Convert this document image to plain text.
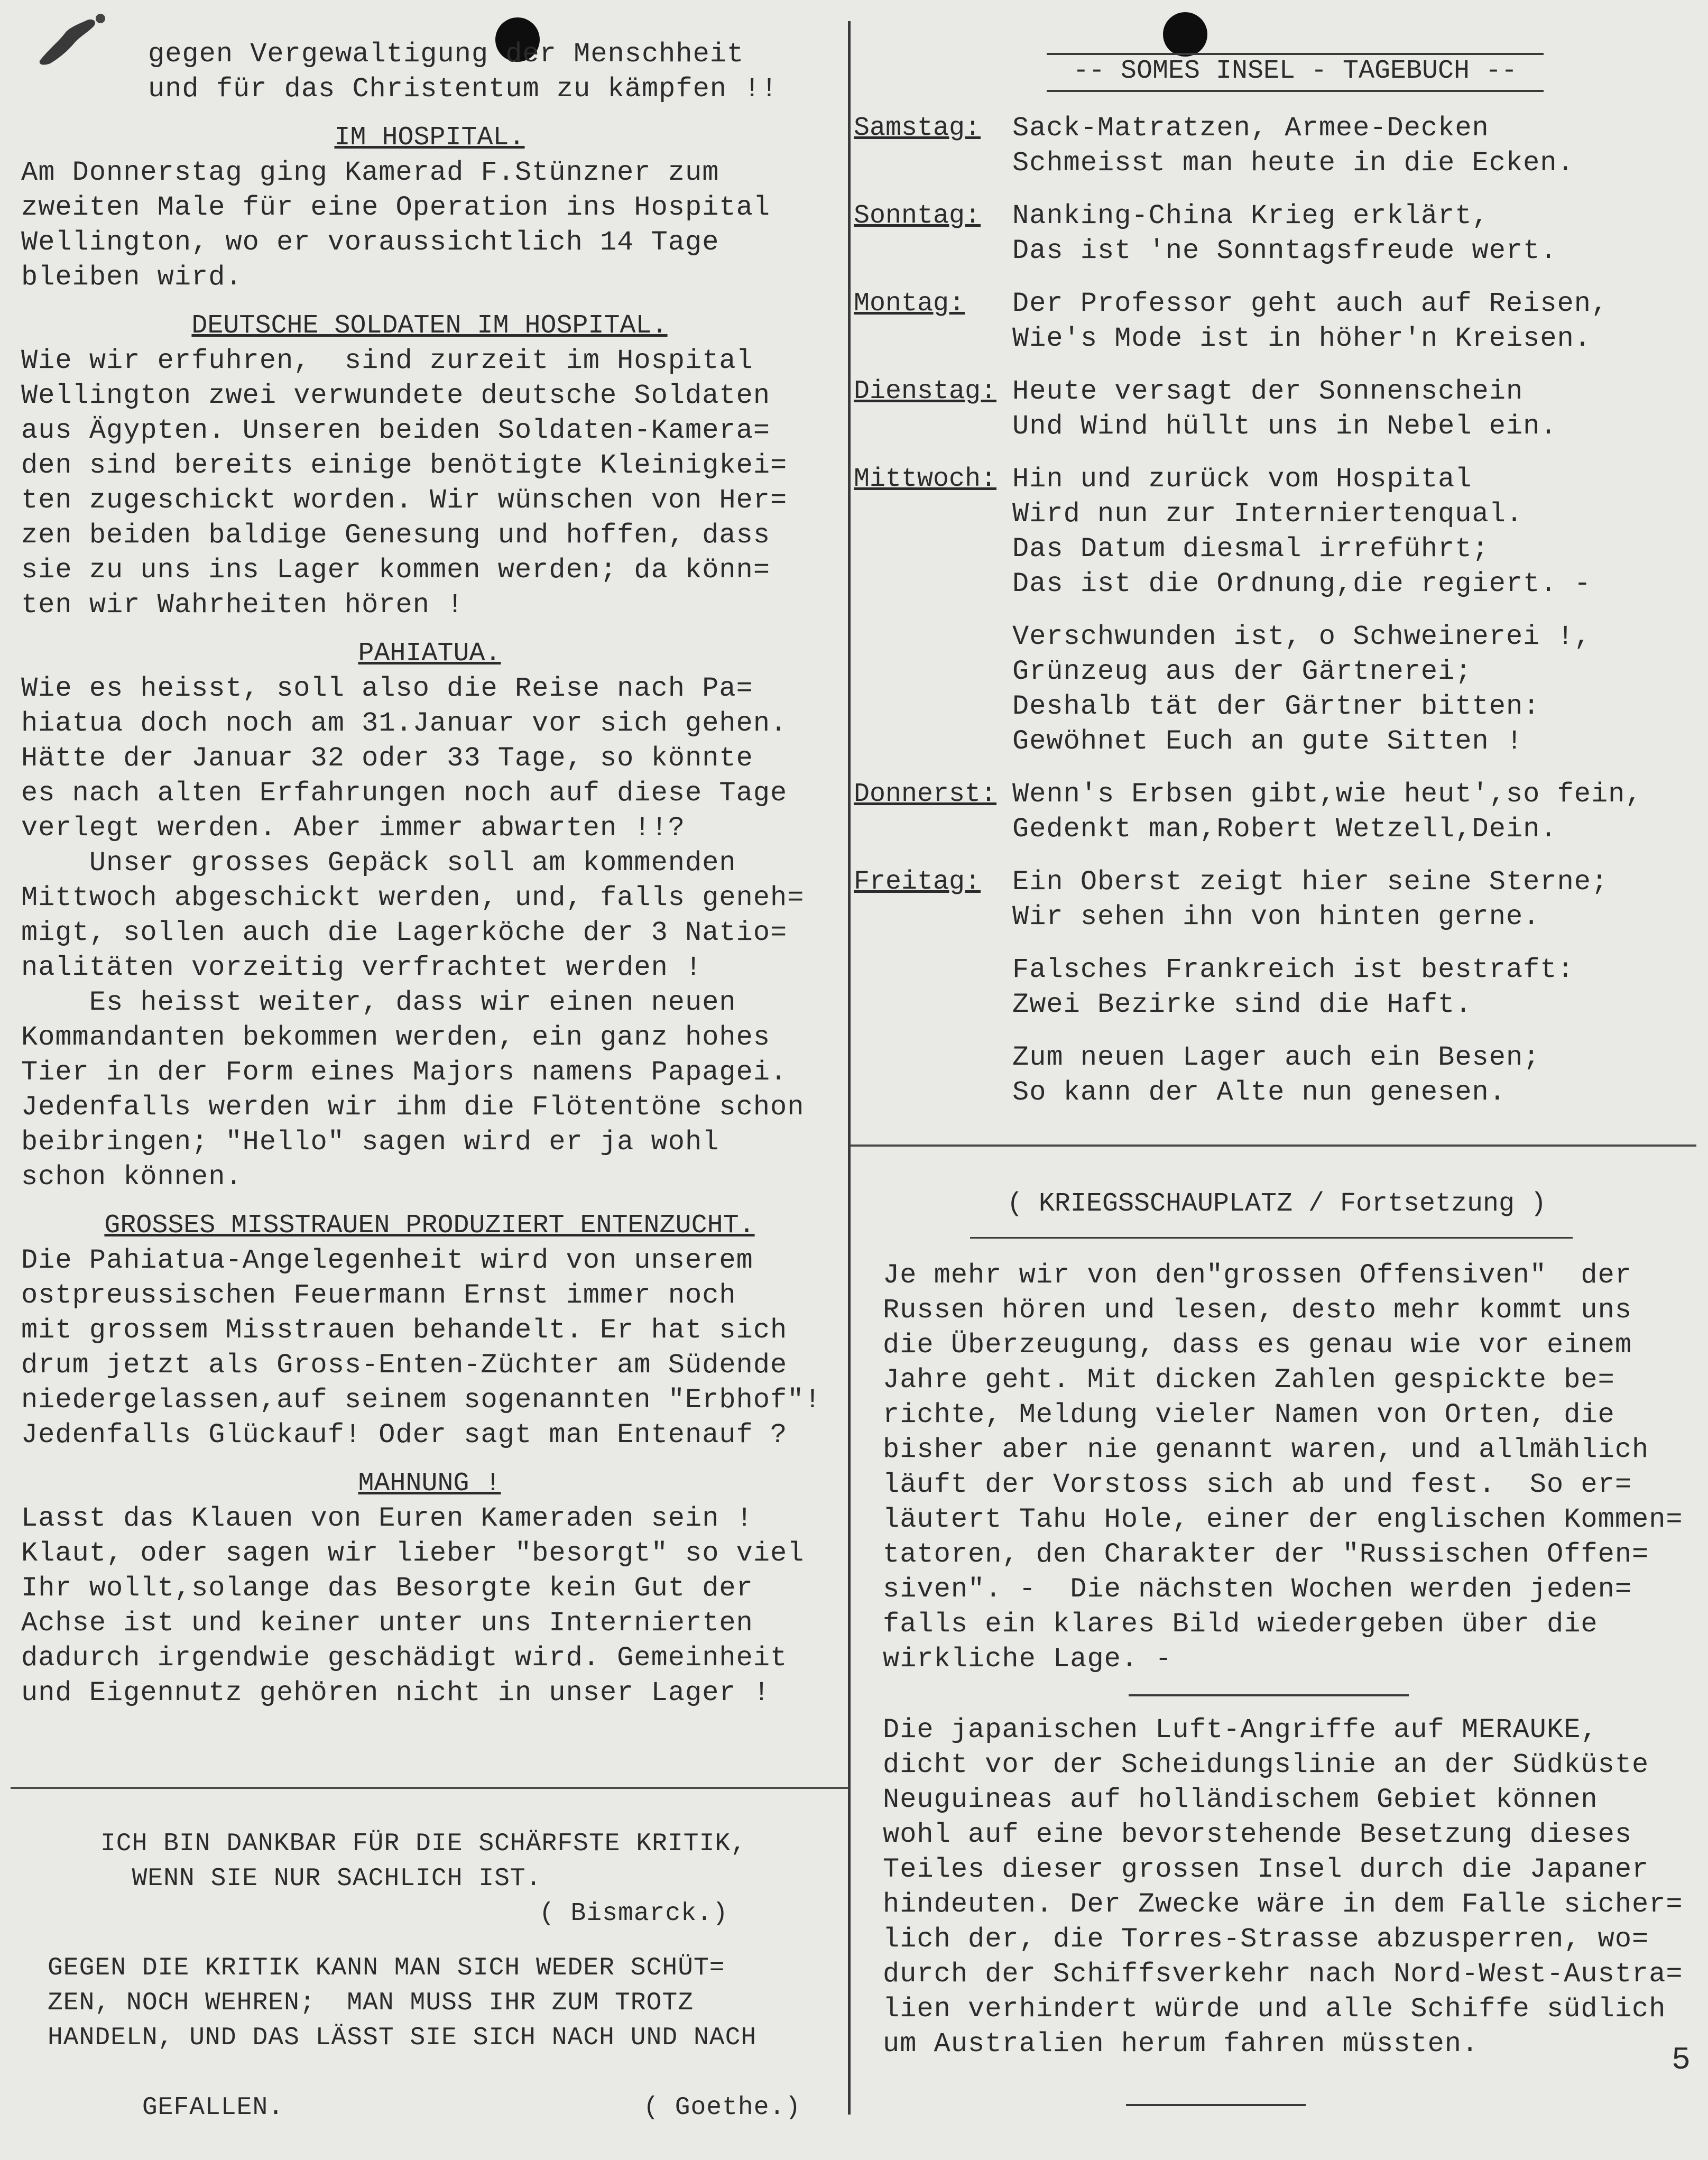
gegen Vergewaltigung der Menschheit
und für das Christentum zu kämpfen !!
IM HOSPITAL.
Am Donnerstag ging Kamerad F.Stünzner zum
zweiten Male für eine Operation ins Hospital
Wellington, wo er voraussichtlich 14 Tage
bleiben wird.
DEUTSCHE SOLDATEN IM HOSPITAL.
Wie wir erfuhren,  sind zurzeit im Hospital
Wellington zwei verwundete deutsche Soldaten
aus Ägypten. Unseren beiden Soldaten-Kamera=
den sind bereits einige benötigte Kleinigkei=
ten zugeschickt worden. Wir wünschen von Her=
zen beiden baldige Genesung und hoffen, dass
sie zu uns ins Lager kommen werden; da könn=
ten wir Wahrheiten hören !
PAHIATUA.
Wie es heisst, soll also die Reise nach Pa=
hiatua doch noch am 31.Januar vor sich gehen.
Hätte der Januar 32 oder 33 Tage, so könnte
es nach alten Erfahrungen noch auf diese Tage
verlegt werden. Aber immer abwarten !!?
Unser grosses Gepäck soll am kommenden
Mittwoch abgeschickt werden, und, falls geneh=
migt, sollen auch die Lagerköche der 3 Natio=
nalitäten vorzeitig verfrachtet werden !
Es heisst weiter, dass wir einen neuen
Kommandanten bekommen werden, ein ganz hohes
Tier in der Form eines Majors namens Papagei.
Jedenfalls werden wir ihm die Flötentöne schon
beibringen; "Hello" sagen wird er ja wohl
schon können.
GROSSES MISSTRAUEN PRODUZIERT ENTENZUCHT.
Die Pahiatua-Angelegenheit wird von unserem
ostpreussischen Feuermann Ernst immer noch
mit grossem Misstrauen behandelt. Er hat sich
drum jetzt als Gross-Enten-Züchter am Südende
niedergelassen,auf seinem sogenannten "Erbhof"!
Jedenfalls Glückauf! Oder sagt man Entenauf ?
MAHNUNG !
Lasst das Klauen von Euren Kameraden sein !
Klaut, oder sagen wir lieber "besorgt" so viel
Ihr wollt,solange das Besorgte kein Gut der
Achse ist und keiner unter uns Internierten
dadurch irgendwie geschädigt wird. Gemeinheit
und Eigennutz gehören nicht in unser Lager !
ICH BIN DANKBAR FÜR DIE SCHÄRFSTE KRITIK,
WENN SIE NUR SACHLICH IST.
( Bismarck.)
GEGEN DIE KRITIK KANN MAN SICH WEDER SCHÜT=
ZEN, NOCH WEHREN;  MAN MUSS IHR ZUM TROTZ
HANDELN, UND DAS LÄSST SIE SICH NACH UND NACH

GEFALLEN.	( Goethe.)

-- SOMES INSEL - TAGEBUCH --
Samstag: Sack-Matratzen, Armee-Decken
Schmeisst man heute in die Ecken.
Sonntag: Nanking-China Krieg erklärt,
Das ist 'ne Sonntagsfreude wert.
Montag: Der Professor geht auch auf Reisen,
Wie's Mode ist in höher'n Kreisen.
Dienstag: Heute versagt der Sonnenschein
Und Wind hüllt uns in Nebel ein.
Mittwoch: Hin und zurück vom Hospital
Wird nun zur Interniertenqual.
Das Datum diesmal irreführt;
Das ist die Ordnung,die regiert. -
Verschwunden ist, o Schweinerei !,
Grünzeug aus der Gärtnerei;
Deshalb tät der Gärtner bitten:
Gewöhnet Euch an gute Sitten !
Donnerst: Wenn's Erbsen gibt,wie heut',so fein,
Gedenkt man,Robert Wetzell,Dein.
Freitag: Ein Oberst zeigt hier seine Sterne;
Wir sehen ihn von hinten gerne.
Falsches Frankreich ist bestraft:
Zwei Bezirke sind die Haft.
Zum neuen Lager auch ein Besen;
So kann der Alte nun genesen.
( KRIEGSSCHAUPLATZ / Fortsetzung )
Je mehr wir von den"grossen Offensiven"  der
Russen hören und lesen, desto mehr kommt uns
die Überzeugung, dass es genau wie vor einem
Jahre geht. Mit dicken Zahlen gespickte be=
richte, Meldung vieler Namen von Orten, die
bisher aber nie genannt waren, und allmählich
läuft der Vorstoss sich ab und fest.  So er=
läutert Tahu Hole, einer der englischen Kommen=
tatoren, den Charakter der "Russischen Offen=
siven". -  Die nächsten Wochen werden jeden=
falls ein klares Bild wiedergeben über die
wirkliche Lage. -
Die japanischen Luft-Angriffe auf MERAUKE,
dicht vor der Scheidungslinie an der Südküste
Neuguineas auf holländischem Gebiet können
wohl auf eine bevorstehende Besetzung dieses
Teiles dieser grossen Insel durch die Japaner
hindeuten. Der Zwecke wäre in dem Falle sicher=
lich der, die Torres-Strasse abzusperren, wo=
durch der Schiffsverkehr nach Nord-West-Austra=
lien verhindert würde und alle Schiffe südlich
um Australien herum fahren müssten.	5
